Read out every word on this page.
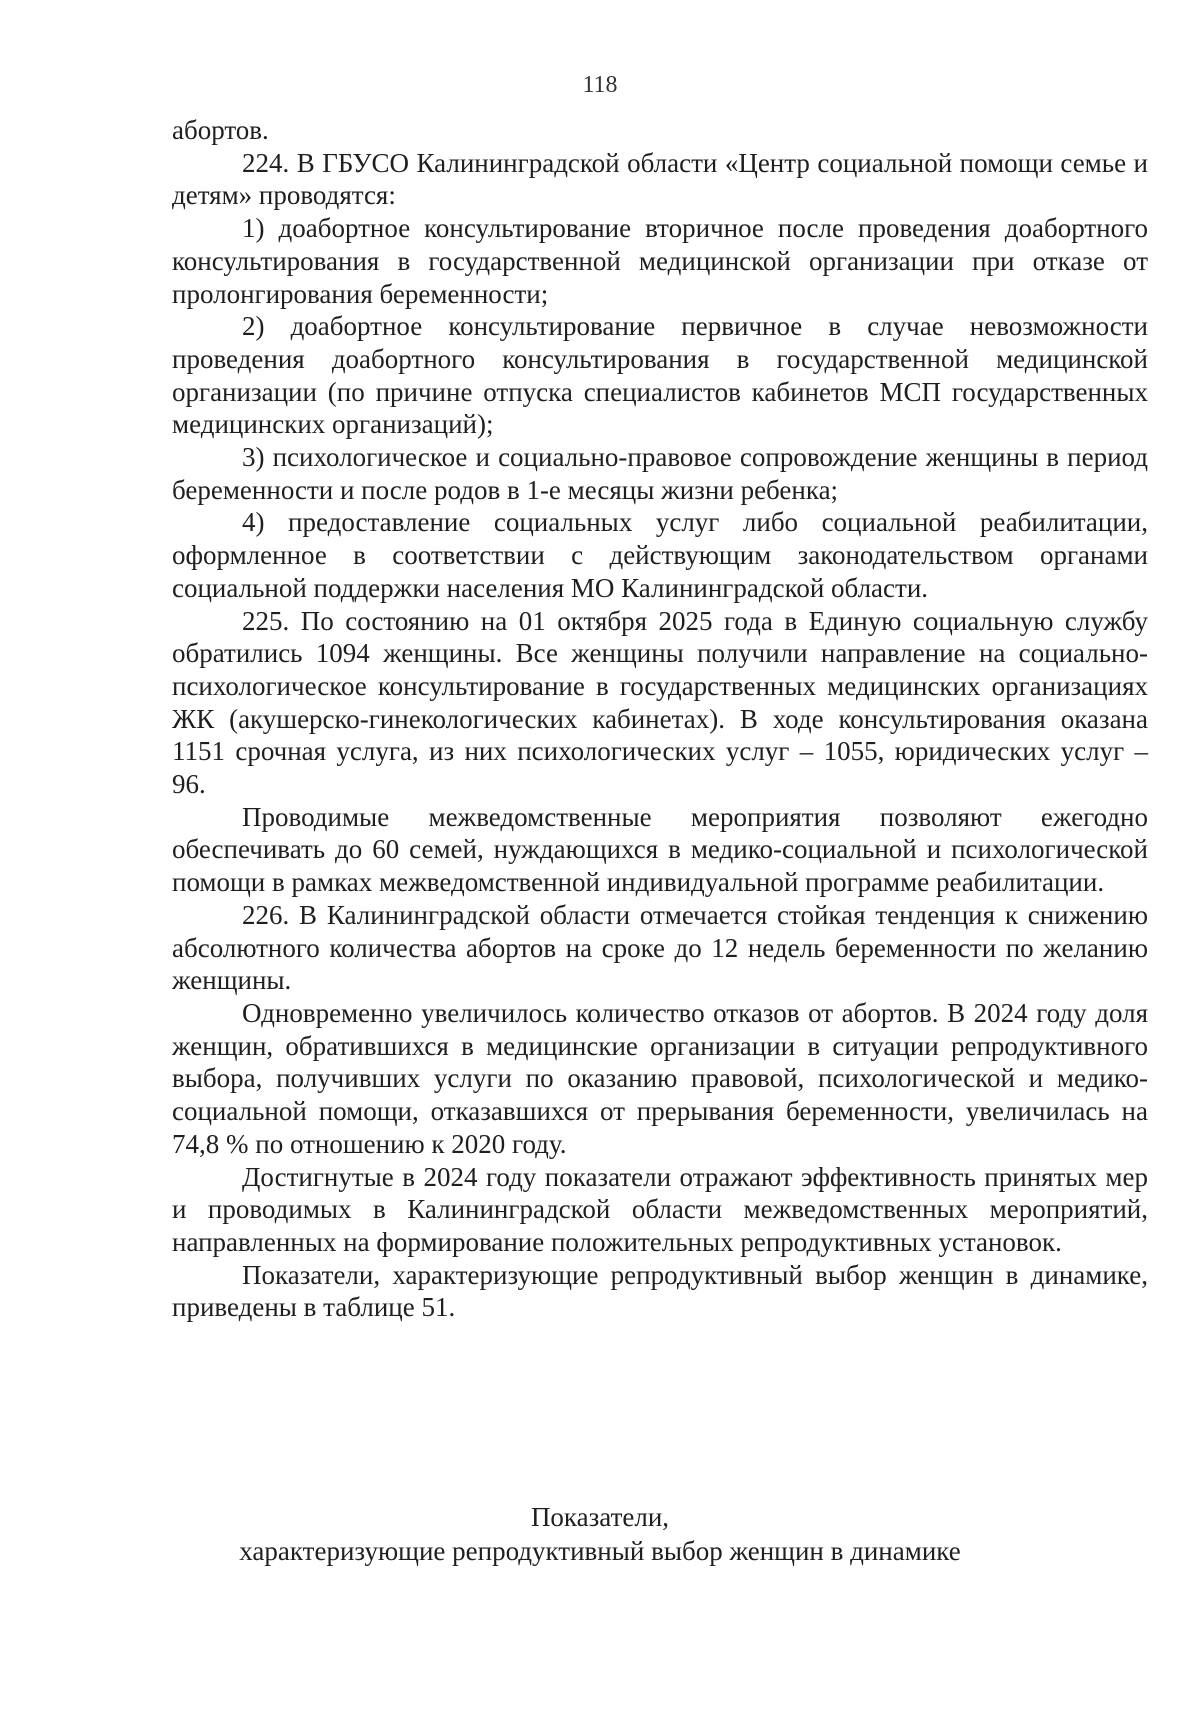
118

абортов.

224. В ГБУСО Калининградской области «Центр социальной помощи семье и детям» проводятся:

1) доабортное консультирование вторичное после проведения доабортного консультирования в государственной медицинской организации при отказе от пролонгирования беременности;

2) доабортное консультирование первичное в случае невозможности проведения доабортного консультирования в государственной медицинской организации (по причине отпуска специалистов кабинетов МСП государственных медицинских организаций);

3) психологическое и социально-правовое сопровождение женщины в период беременности и после родов в 1-е месяцы жизни ребенка;

4) предоставление социальных услуг либо социальной реабилитации, оформленное в соответствии с действующим законодательством органами социальной поддержки населения МО Калининградской области.

225. По состоянию на 01 октября 2025 года в Единую социальную службу обратились 1094 женщины. Все женщины получили направление на социально-психологическое консультирование в государственных медицинских организациях ЖК (акушерско-гинекологических кабинетах). В ходе консультирования оказана 1151 срочная услуга, из них психологических услуг – 1055, юридических услуг – 96.

Проводимые межведомственные мероприятия позволяют ежегодно обеспечивать до 60 семей, нуждающихся в медико-социальной и психологической помощи в рамках межведомственной индивидуальной программе реабилитации.

226. В Калининградской области отмечается стойкая тенденция к снижению абсолютного количества абортов на сроке до 12 недель беременности по желанию женщины.

Одновременно увеличилось количество отказов от абортов. В 2024 году доля женщин, обратившихся в медицинские организации в ситуации репродуктивного выбора, получивших услуги по оказанию правовой, психологической и медико-социальной помощи, отказавшихся от прерывания беременности, увеличилась на 74,8 % по отношению к 2020 году.

Достигнутые в 2024 году показатели отражают эффективность принятых мер и проводимых в Калининградской области межведомственных мероприятий, направленных на формирование положительных репродуктивных установок.

Показатели, характеризующие репродуктивный выбор женщин в динамике, приведены в таблице 51.

Показатели,
характеризующие репродуктивный выбор женщин в динамике
